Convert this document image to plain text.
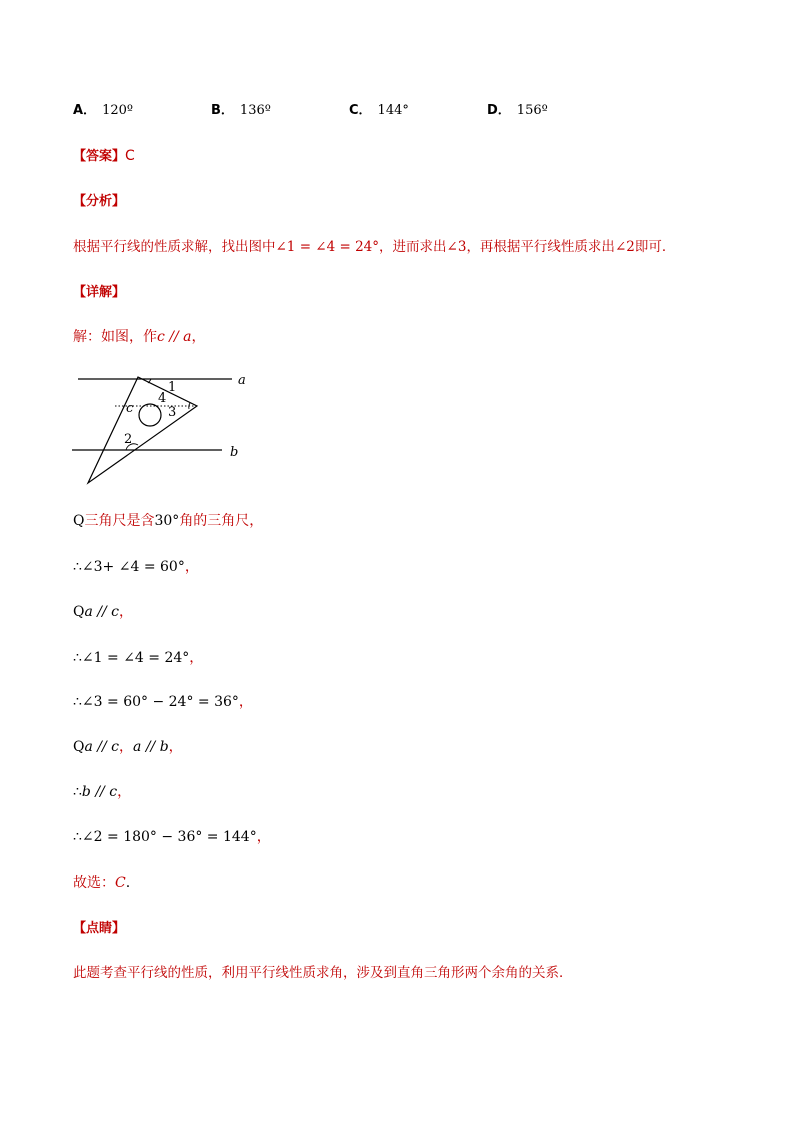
A． 120º	B． 136º	C． 144°	D． 156º
【答案】C
【分析】
根据平行线的性质求解，找出图中∠1 = ∠4 = 24°，进而求出∠3，再根据平行线性质求出∠2即可．
【详解】
解：如图，作c // a，
1
4
3
2
c
a
b
Q三角尺是含30°角的三角尺，
∴∠3+ ∠4 = 60°，
Qa // c，
∴∠1 = ∠4 = 24°，
∴∠3 = 60° − 24° = 36°，
Qa // c，a // b，
∴b // c，
∴∠2 = 180° − 36° = 144°，
故选：C.
【点睛】
此题考查平行线的性质，利用平行线性质求角，涉及到直角三角形两个余角的关系．
